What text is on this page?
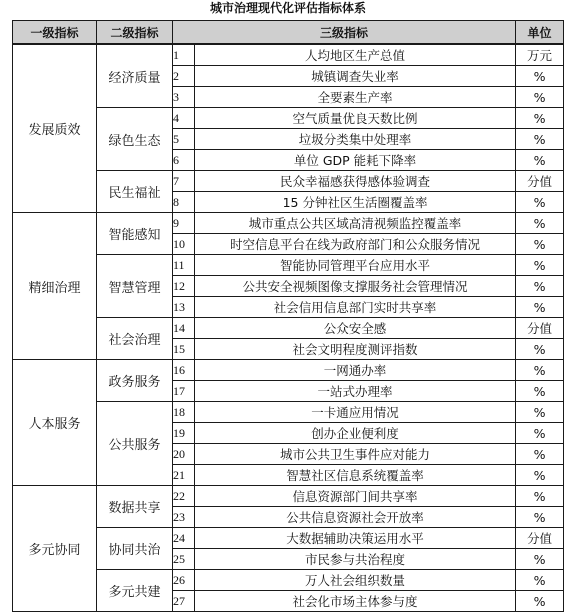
城市治理现代化评估指标体系
一级指标	二级指标	三级指标		单位
发展质效	经济质量	1	人均地区生产总值	万元
		2	城镇调查失业率	%
		3	全要素生产率	%
	绿色生态	4	空气质量优良天数比例	%
		5	垃圾分类集中处理率	%
		6	单位 GDP 能耗下降率	%
	民生福祉	7	民众幸福感获得感体验调查	分值
		8	15 分钟社区生活圈覆盖率	%
精细治理	智能感知	9	城市重点公共区域高清视频监控覆盖率	%
		10	时空信息平台在线为政府部门和公众服务情况	%
	智慧管理	11	智能协同管理平台应用水平	%
		12	公共安全视频图像支撑服务社会管理情况	%
		13	社会信用信息部门实时共享率	%
	社会治理	14	公众安全感	分值
		15	社会文明程度测评指数	%
人本服务	政务服务	16	一网通办率	%
		17	一站式办理率	%
	公共服务	18	一卡通应用情况	%
		19	创办企业便利度	%
		20	城市公共卫生事件应对能力	%
		21	智慧社区信息系统覆盖率	%
多元协同	数据共享	22	信息资源部门间共享率	%
		23	公共信息资源社会开放率	%
	协同共治	24	大数据辅助决策运用水平	分值
		25	市民参与共治程度	%
	多元共建	26	万人社会组织数量	%
		27	社会化市场主体参与度	%
